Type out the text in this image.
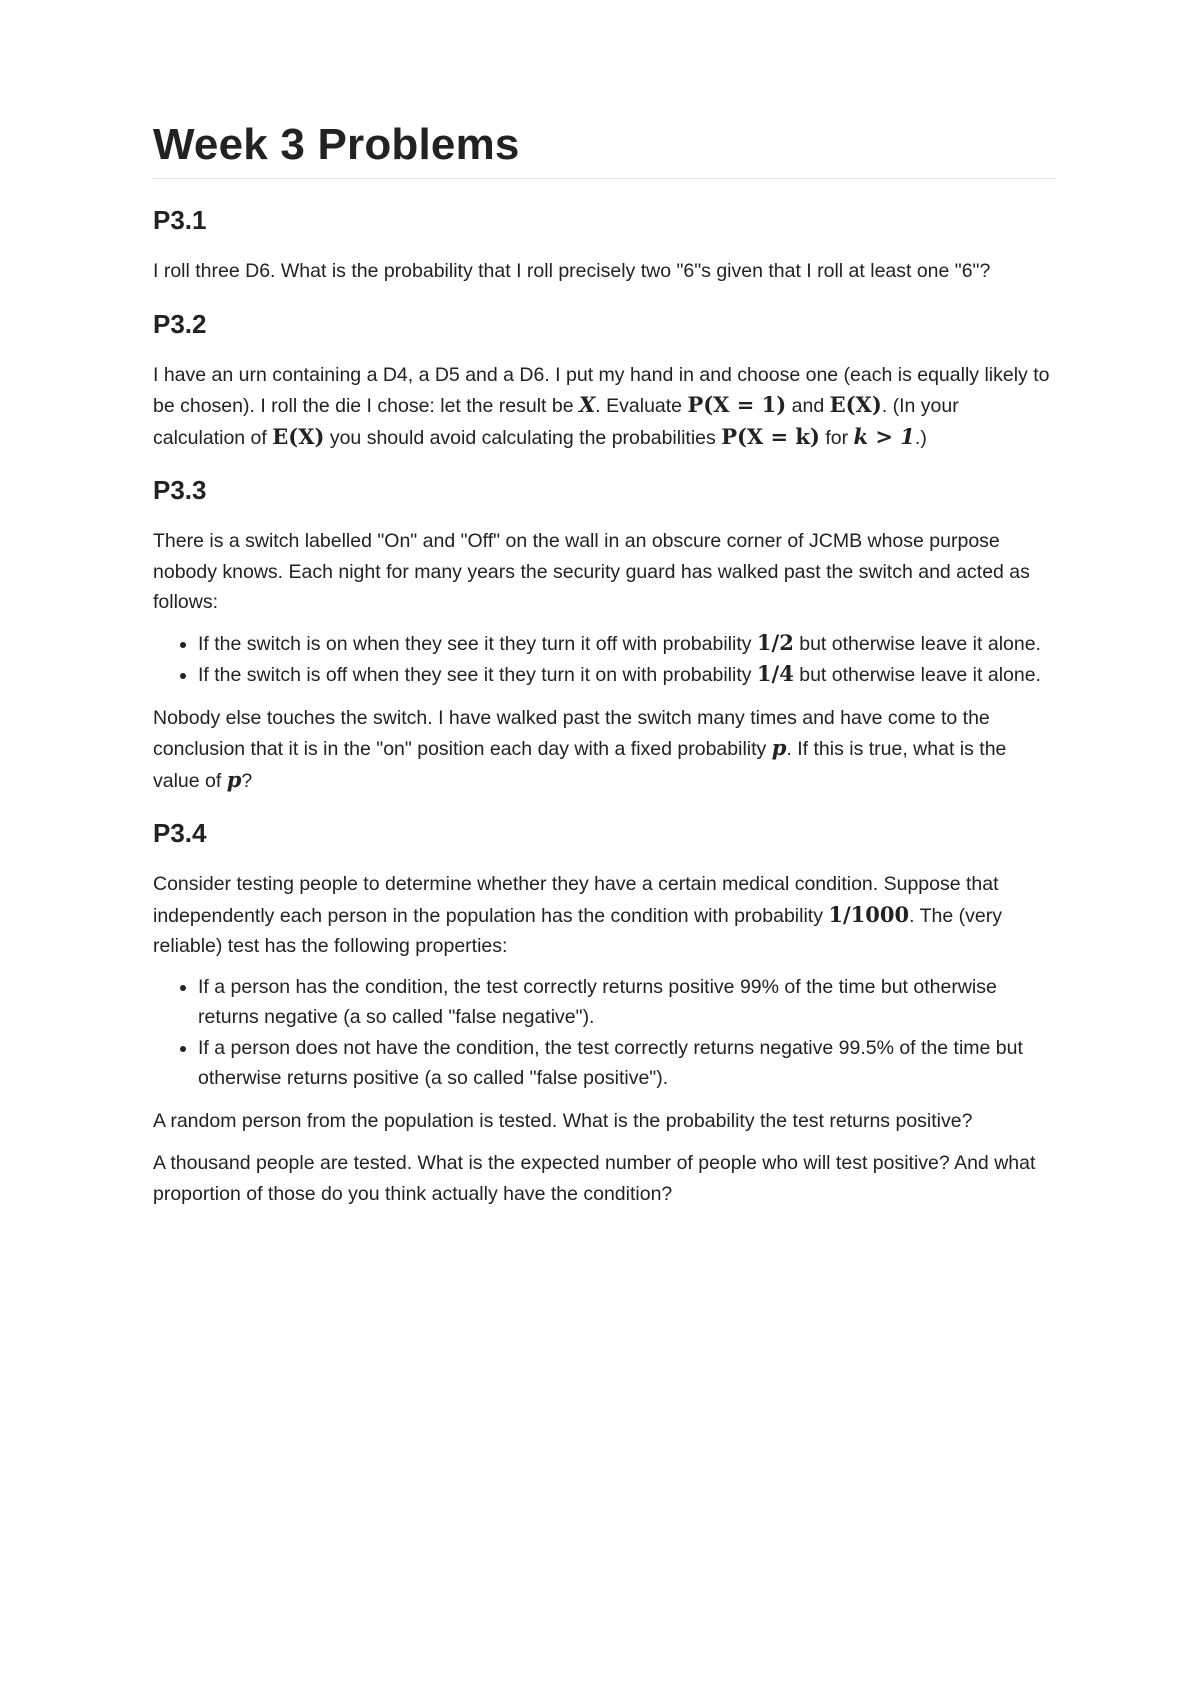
Week 3 Problems
P3.1

I roll three D6. What is the probability that I roll precisely two "6"s given that I roll at least one "6"?

P3.2

I have an urn containing a D4, a D5 and a D6. I put my hand in and choose one (each is equally likely to be chosen). I roll the die I chose: let the result be X. Evaluate P(X = 1) and E(X). (In your calculation of E(X) you should avoid calculating the probabilities P(X = k) for k > 1.)

P3.3

There is a switch labelled "On" and "Off" on the wall in an obscure corner of JCMB whose purpose nobody knows. Each night for many years the security guard has walked past the switch and acted as follows:

• If the switch is on when they see it they turn it off with probability 1/2 but otherwise leave it alone.
• If the switch is off when they see it they turn it on with probability 1/4 but otherwise leave it alone.

Nobody else touches the switch. I have walked past the switch many times and have come to the conclusion that it is in the "on" position each day with a fixed probability p. If this is true, what is the value of p?

P3.4

Consider testing people to determine whether they have a certain medical condition. Suppose that independently each person in the population has the condition with probability 1/1000. The (very reliable) test has the following properties:

• If a person has the condition, the test correctly returns positive 99% of the time but otherwise returns negative (a so called "false negative").
• If a person does not have the condition, the test correctly returns negative 99.5% of the time but otherwise returns positive (a so called "false positive").

A random person from the population is tested. What is the probability the test returns positive?

A thousand people are tested. What is the expected number of people who will test positive? And what proportion of those do you think actually have the condition?
